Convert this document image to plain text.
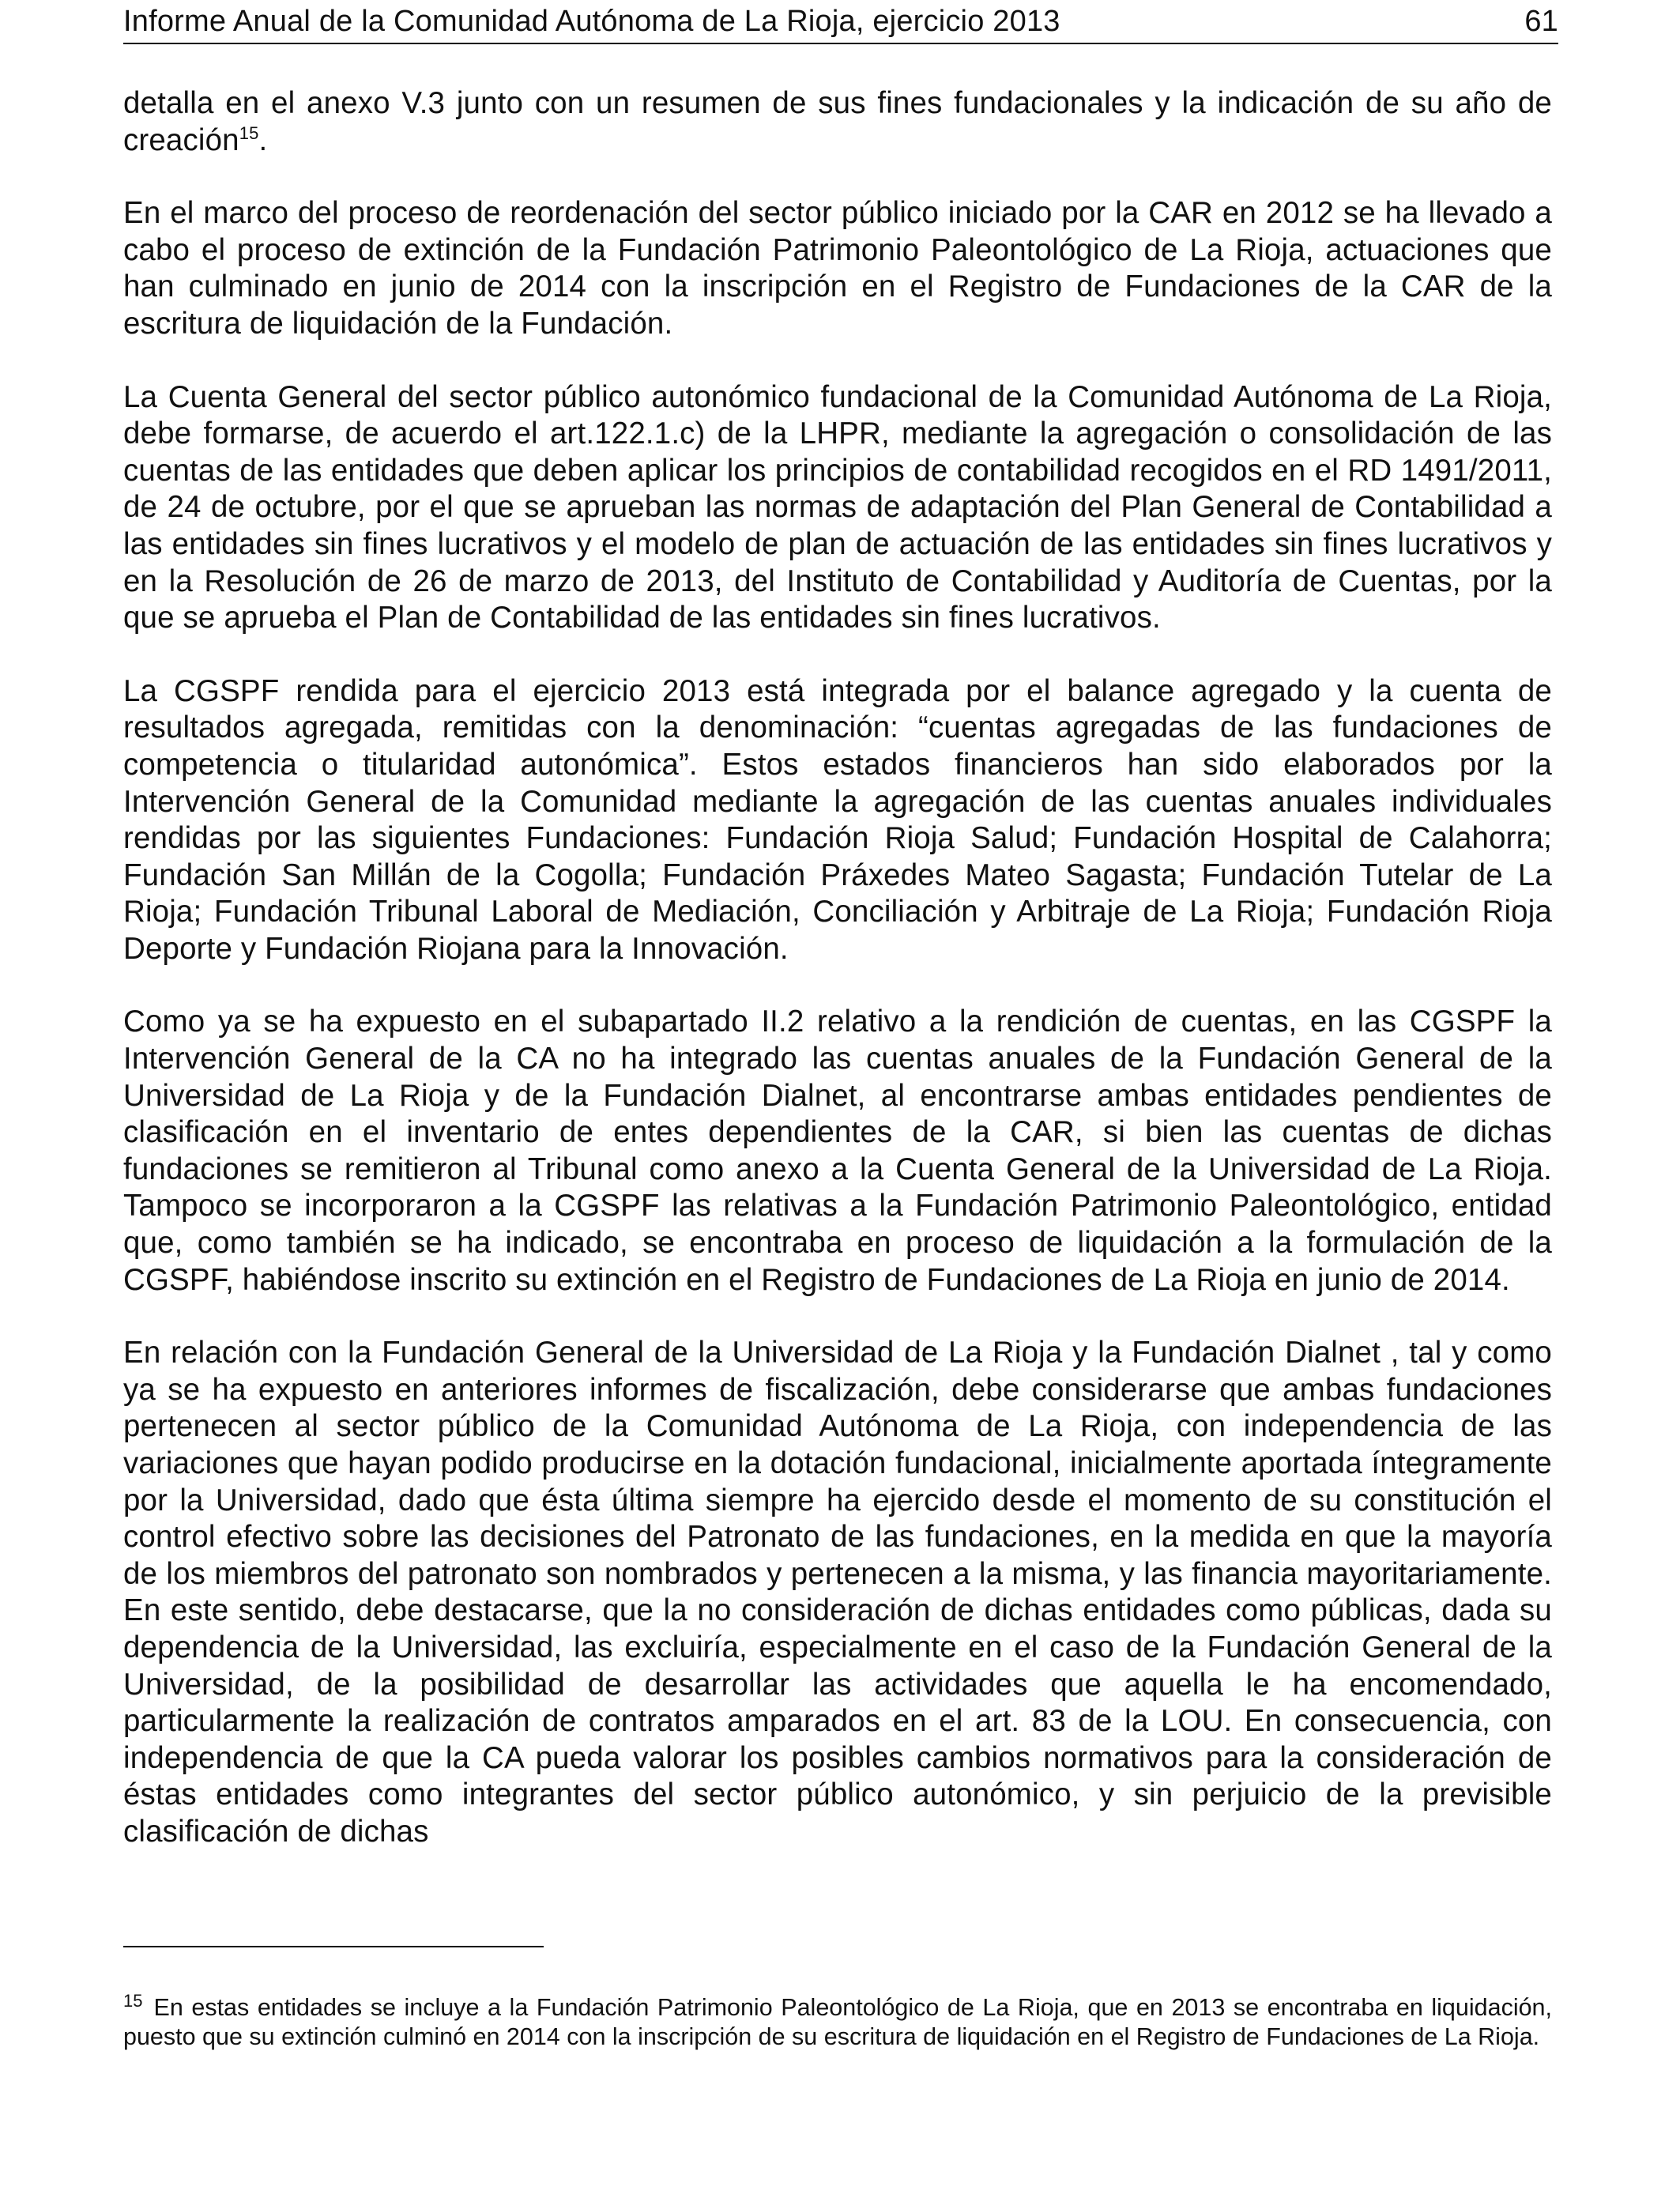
Informe Anual de la Comunidad Autónoma de La Rioja, ejercicio 2013	61

detalla en el anexo V.3 junto con un resumen de sus fines fundacionales y la indicación de su año de creación$^{15}$.

En el marco del proceso de reordenación del sector público iniciado por la CAR en 2012 se ha llevado a cabo el proceso de extinción de la Fundación Patrimonio Paleontológico de La Rioja, actuaciones que han culminado en junio de 2014 con la inscripción en el Registro de Fundaciones de la CAR de la escritura de liquidación de la Fundación.

La Cuenta General del sector público autonómico fundacional de la Comunidad Autónoma de La Rioja, debe formarse, de acuerdo el art.122.1.c) de la LHPR, mediante la agregación o consolidación de las cuentas de las entidades que deben aplicar los principios de contabilidad recogidos en el RD 1491/2011, de 24 de octubre, por el que se aprueban las normas de adaptación del Plan General de Contabilidad a las entidades sin fines lucrativos y el modelo de plan de actuación de las entidades sin fines lucrativos y en la Resolución de 26 de marzo de 2013, del Instituto de Contabilidad y Auditoría de Cuentas, por la que se aprueba el Plan de Contabilidad de las entidades sin fines lucrativos.

La CGSPF rendida para el ejercicio 2013 está integrada por el balance agregado y la cuenta de resultados agregada, remitidas con la denominación: “cuentas agregadas de las fundaciones de competencia o titularidad autonómica”. Estos estados financieros han sido elaborados por la Intervención General de la Comunidad mediante la agregación de las cuentas anuales individuales rendidas por las siguientes Fundaciones: Fundación Rioja Salud; Fundación Hospital de Calahorra; Fundación San Millán de la Cogolla; Fundación Práxedes Mateo Sagasta; Fundación Tutelar de La Rioja; Fundación Tribunal Laboral de Mediación, Conciliación y Arbitraje de La Rioja; Fundación Rioja Deporte y Fundación Riojana para la Innovación.

Como ya se ha expuesto en el subapartado II.2 relativo a la rendición de cuentas, en las CGSPF la Intervención General de la CA no ha integrado las cuentas anuales de la Fundación General de la Universidad de La Rioja y de la Fundación Dialnet, al encontrarse ambas entidades pendientes de clasificación en el inventario de entes dependientes de la CAR, si bien las cuentas de dichas fundaciones se remitieron al Tribunal como anexo a la Cuenta General de la Universidad de La Rioja. Tampoco se incorporaron a la CGSPF las relativas a la Fundación Patrimonio Paleontológico, entidad que, como también se ha indicado, se encontraba en proceso de liquidación a la formulación de la CGSPF, habiéndose inscrito su extinción en el Registro de Fundaciones de La Rioja en junio de 2014.

En relación con la Fundación General de la Universidad de La Rioja y la Fundación Dialnet , tal y como ya se ha expuesto en anteriores informes de fiscalización, debe considerarse que ambas fundaciones pertenecen al sector público de la Comunidad Autónoma de La Rioja, con independencia de las variaciones que hayan podido producirse en la dotación fundacional, inicialmente aportada íntegramente por la Universidad, dado que ésta última siempre ha ejercido desde el momento de su constitución el control efectivo sobre las decisiones del Patronato de las fundaciones, en la medida en que la mayoría de los miembros del patronato son nombrados y pertenecen a la misma, y las financia mayoritariamente. En este sentido, debe destacarse, que la no consideración de dichas entidades como públicas, dada su dependencia de la Universidad, las excluiría, especialmente en el caso de la Fundación General de la Universidad, de la posibilidad de desarrollar las actividades que aquella le ha encomendado, particularmente la realización de contratos amparados en el art. 83 de la LOU. En consecuencia, con independencia de que la CA pueda valorar los posibles cambios normativos para la consideración de éstas entidades como integrantes del sector público autonómico, y sin perjuicio de la previsible clasificación de dichas

$^{15}$ En estas entidades se incluye a la Fundación Patrimonio Paleontológico de La Rioja, que en 2013 se encontraba en liquidación, puesto que su extinción culminó en 2014 con la inscripción de su escritura de liquidación en el Registro de Fundaciones de La Rioja.
